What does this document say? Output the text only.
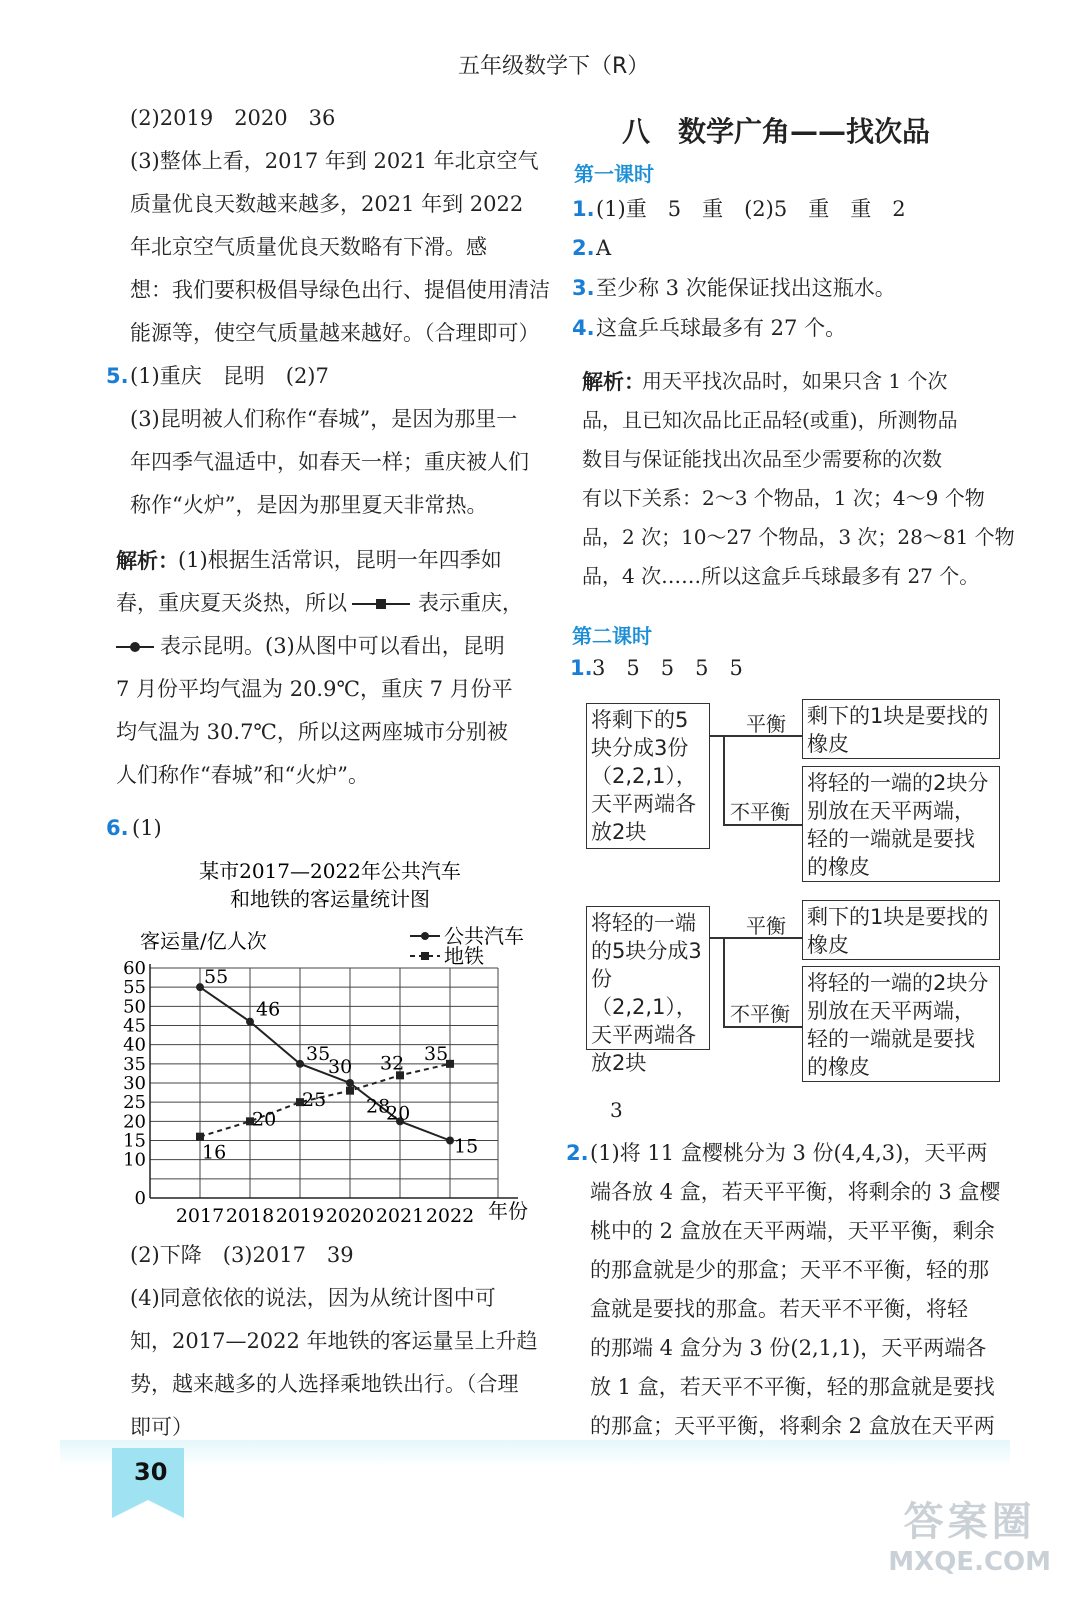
五年级数学下（R）
(2)2019　2020　36
(3)整体上看，2017 年到 2021 年北京空气
质量优良天数越来越多，2021 年到 2022
年北京空气质量优良天数略有下滑。感
想：我们要积极倡导绿色出行、提倡使用清洁
能源等，使空气质量越来越好。（合理即可）
5. (1)重庆　昆明　(2)7
(3)昆明被人们称作“春城”，是因为那里一
年四季气温适中，如春天一样；重庆被人们
称作“火炉”，是因为那里夏天非常热。
解析： (1)根据生活常识，昆明一年四季如
春，重庆夏天炎热，所以	表示重庆，
表示昆明。(3)从图中可以看出，昆明
7 月份平均气温为 20.9℃，重庆 7 月份平
均气温为 30.7℃，所以这两座城市分别被
人们称作“春城”和“火炉”。
6. (1)
某市2017—2022年公共汽车
和地铁的客运量统计图
客运量/亿人次
年份
0
10
15
20
25
30
35
40
45
50
55
60
2017 2018 2019 2020 2021 2022
55
46
35
30
20
15
16
20
25 28
32 35
公共汽车
地铁
(2)下降　(3)2017　39
(4)同意依依的说法，因为从统计图中可
知，2017—2022 年地铁的客运量呈上升趋
势，越来越多的人选择乘地铁出行。（合理
即可）
八　数学广角——找次品
第一课时
1. (1)重　5　重　(2)5　重　重　2
2. A
3. 至少称 3 次能保证找出这瓶水。
4. 这盒乒乓球最多有 27 个。
解析：
用天平找次品时，如果只含 1 个次
品，且已知次品比正品轻(或重)，所测物品
数目与保证能找出次品至少需要称的次数
有以下关系：2～3 个物品，1 次；4～9 个物
品，2 次；10～27 个物品，3 次；28～81 个物
品，4 次……所以这盒乒乓球最多有 27 个。
第二课时
1. 3　5　5　5　5
将剩下的5块分成3份（2,2,1），天平两端各放2块
平衡
不平衡
剩下的1块是要找的橡皮
将轻的一端的2块分别放在天平两端，轻的一端就是要找的橡皮
将轻的一端的5块分成3份（2,2,1），天平两端各放2块
平衡
不平衡
剩下的1块是要找的橡皮
将轻的一端的2块分别放在天平两端，轻的一端就是要找的橡皮
3
2. (1)将 11 盒樱桃分为 3 份(4,4,3)，天平两
端各放 4 盒，若天平平衡，将剩余的 3 盒樱
桃中的 2 盒放在天平两端，天平平衡，剩余
的那盒就是少的那盒；天平不平衡，轻的那
盒就是要找的那盒。若天平不平衡，将轻
的那端 4 盒分为 3 份(2,1,1)，天平两端各
放 1 盒，若天平不平衡，轻的那盒就是要找
的那盒；天平平衡，将剩余 2 盒放在天平两
30
答案圈
MXQE.COM
